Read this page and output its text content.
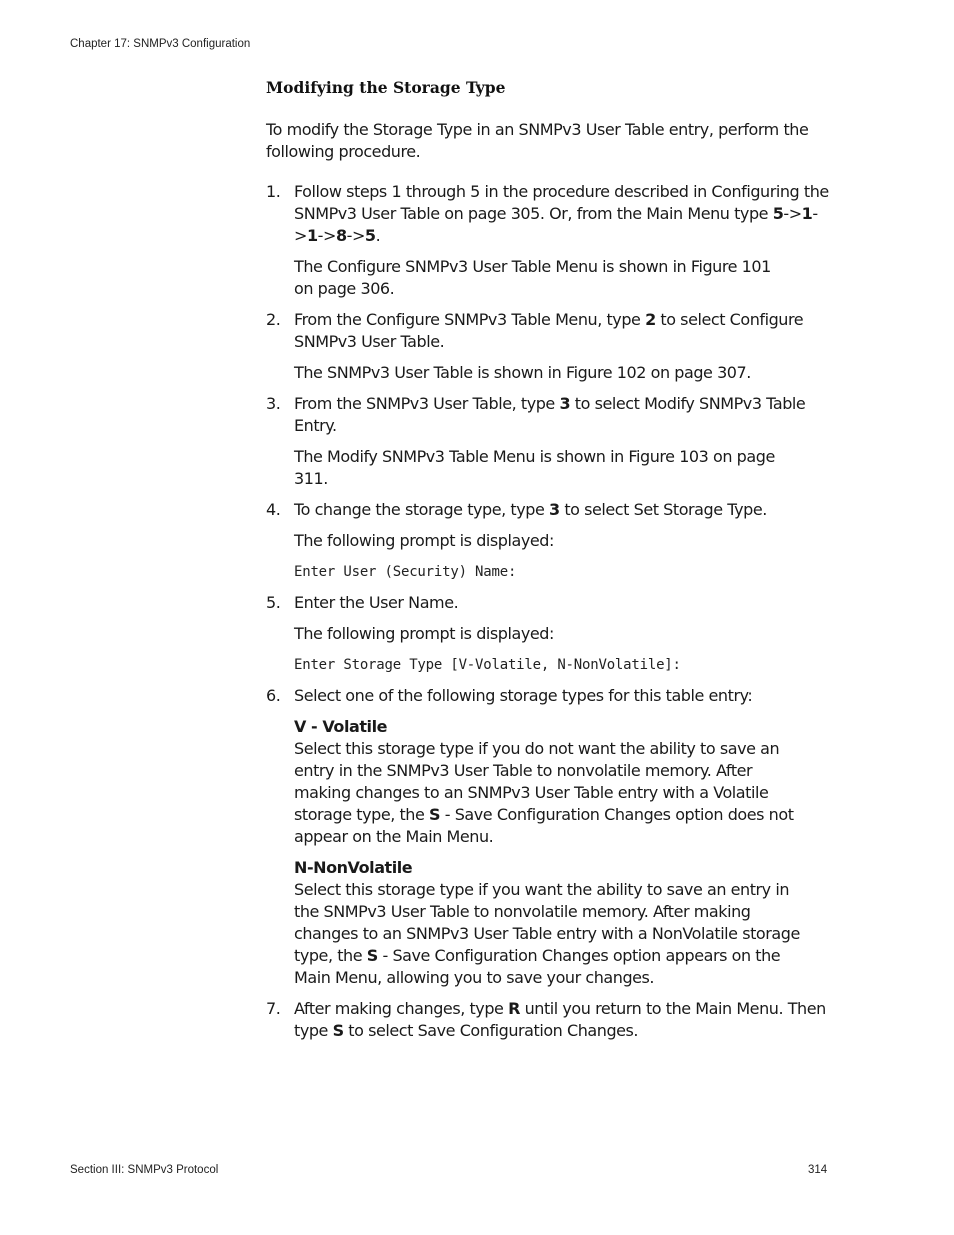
Chapter 17: SNMPv3 Configuration
Modifying the Storage Type

To modify the Storage Type in an SNMPv3 User Table entry, perform the following procedure.

1. Follow steps 1 through 5 in the procedure described in Configuring the SNMPv3 User Table on page 305. Or, from the Main Menu type 5->1->1->8->5.

The Configure SNMPv3 User Table Menu is shown in Figure 101 on page 306.

2. From the Configure SNMPv3 Table Menu, type 2 to select Configure SNMPv3 User Table.

The SNMPv3 User Table is shown in Figure 102 on page 307.

3. From the SNMPv3 User Table, type 3 to select Modify SNMPv3 Table Entry.

The Modify SNMPv3 Table Menu is shown in Figure 103 on page 311.

4. To change the storage type, type 3 to select Set Storage Type.

The following prompt is displayed:

Enter User (Security) Name:
5. Enter the User Name.

The following prompt is displayed:

Enter Storage Type [V-Volatile, N-NonVolatile]:
6. Select one of the following storage types for this table entry:

V - Volatile

Select this storage type if you do not want the ability to save an entry in the SNMPv3 User Table to nonvolatile memory. After making changes to an SNMPv3 User Table entry with a Volatile storage type, the S - Save Configuration Changes option does not appear on the Main Menu.

N-NonVolatile

Select this storage type if you want the ability to save an entry in the SNMPv3 User Table to nonvolatile memory. After making changes to an SNMPv3 User Table entry with a NonVolatile storage type, the S - Save Configuration Changes option appears on the Main Menu, allowing you to save your changes.

7. After making changes, type R until you return to the Main Menu. Then type S to select Save Configuration Changes.

Section III: SNMPv3 Protocol	314
